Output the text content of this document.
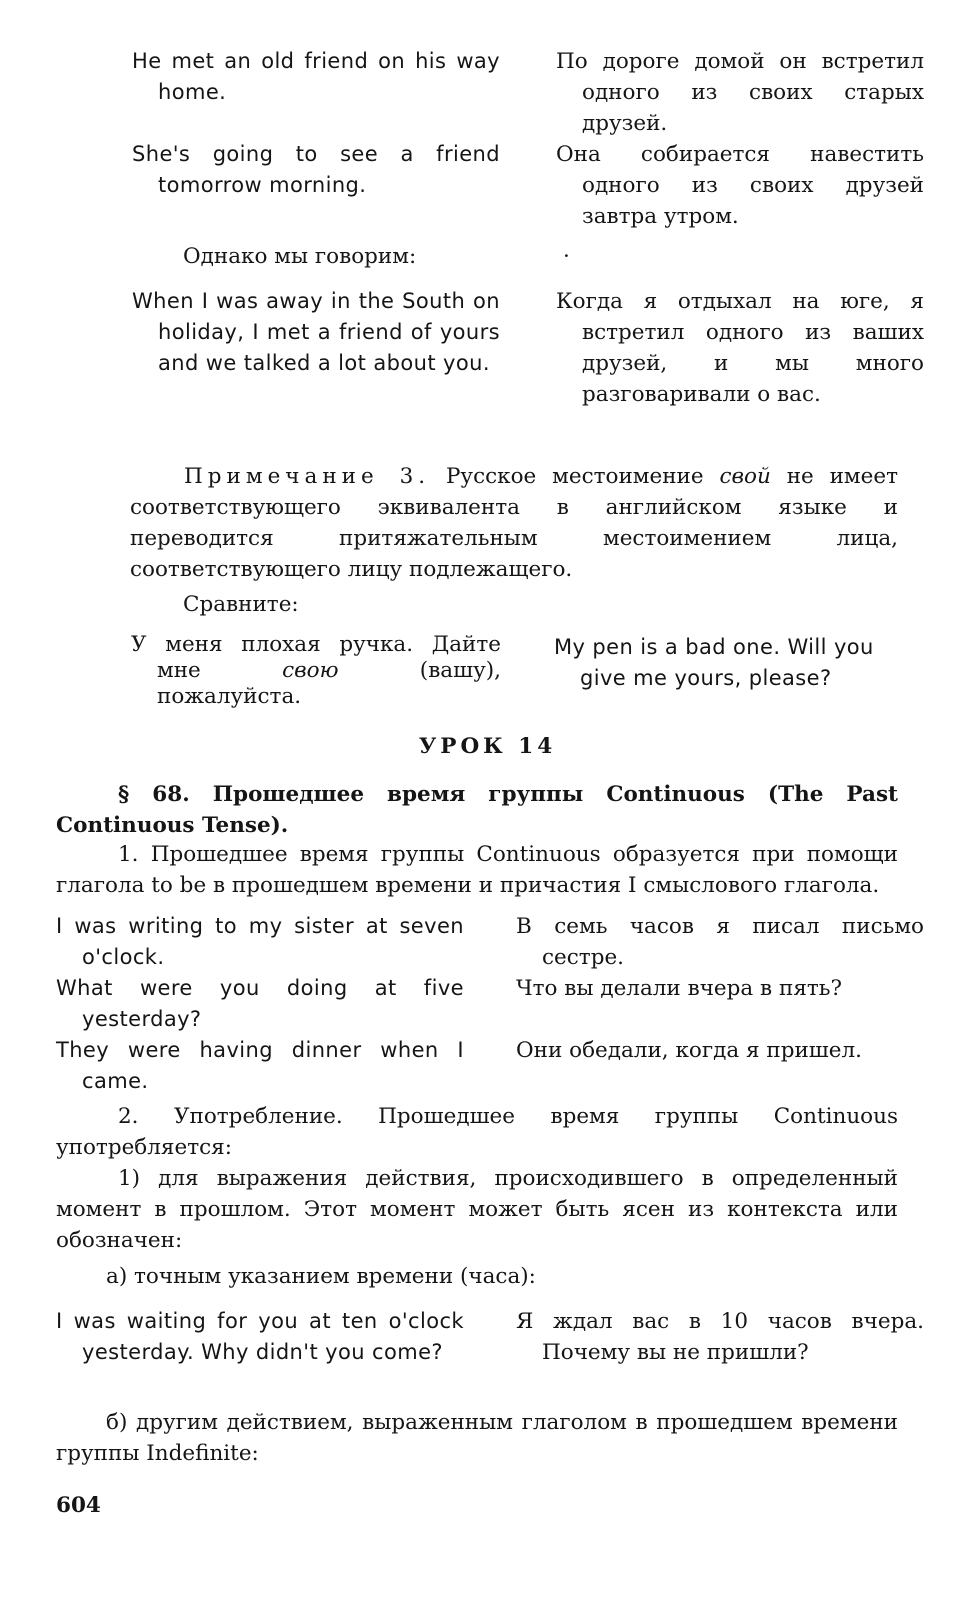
He met an old friend on his way home.
По дороге домой он встретил одного из своих старых друзей.
She's going to see a friend tomorrow morning.
Она собирается навестить одного из своих друзей завтра утром.
Однако мы говорим:	·
When I was away in the South on holiday, I met a friend of yours and we talked a lot about you.
Когда я отдыхал на юге, я встретил одного из ваших друзей, и мы много разговаривали о вас.
Примечание 3. Русское местоимение свой не имеет соответствующего эквивалента в английском языке и переводится притяжательным местоимением лица, соответствующего лицу подлежащего.
Сравните:
У меня плохая ручка. Дайте мне свою (вашу), пожалуйста.
My pen is a bad one. Will you give me yours, please?
УРОК 14
§ 68. Прошедшее время группы Continuous (The Past Continuous Tense).
1. Прошедшее время группы Continuous образуется при помощи глагола to be в прошедшем времени и причастия I смыслового глагола.
I was writing to my sister at seven o'clock.
В семь часов я писал письмо сестре.
What were you doing at five yesterday?
Что вы делали вчера в пять?
They were having dinner when I came.
Они обедали, когда я пришел.
2. Употребление. Прошедшее время группы Continuous употребляется:
1) для выражения действия, происходившего в определенный момент в прошлом. Этот момент может быть ясен из контекста или обозначен:
а) точным указанием времени (часа):
I was waiting for you at ten o'clock yesterday. Why didn't you come?
Я ждал вас в 10 часов вчера. Почему вы не пришли?
б) другим действием, выраженным глаголом в прошедшем времени группы Indefinite:
604
